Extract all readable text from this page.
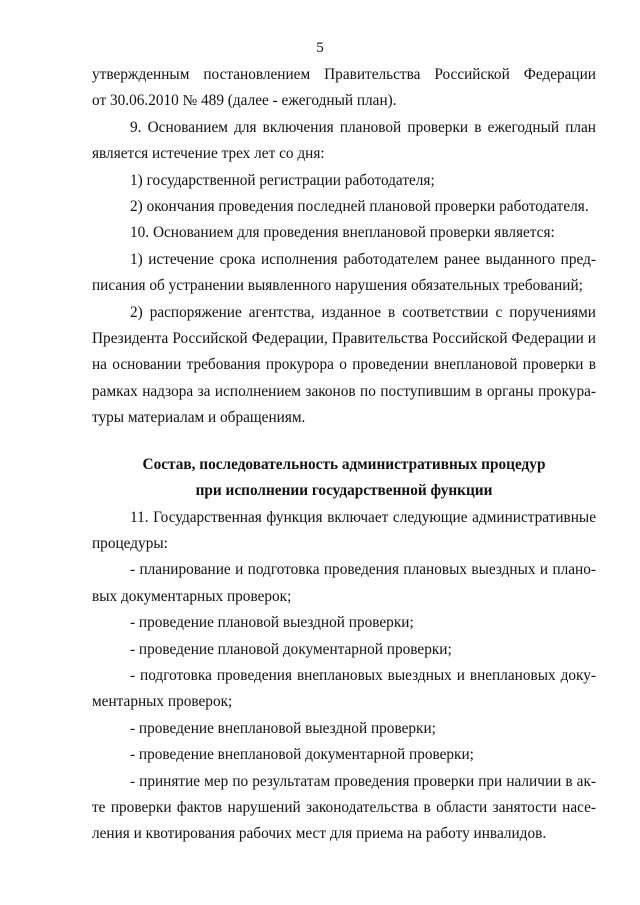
5

утвержденным постановлением Правительства Российской Федерации

от 30.06.2010 № 489 (далее - ежегодный план).

9. Основанием для включения плановой проверки в ежегодный план является истечение трех лет со дня:

1) государственной регистрации работодателя;

2) окончания проведения последней плановой проверки работодателя.

10. Основанием для проведения внеплановой проверки является:

1) истечение срока исполнения работодателем ранее выданного предписания об устранении выявленного нарушения обязательных требований;

2) распоряжение агентства, изданное в соответствии с поручениями Президента Российской Федерации, Правительства Российской Федерации и на основании требования прокурора о проведении внеплановой проверки в рамках надзора за исполнением законов по поступившим в органы прокуратуры материалам и обращениям.

Состав, последовательность административных процедур

при исполнении государственной функции

11. Государственная функция включает следующие административные процедуры:

- планирование и подготовка проведения плановых выездных и плановых документарных проверок;

- проведение плановой выездной проверки;

- проведение плановой документарной проверки;

- подготовка проведения внеплановых выездных и внеплановых документарных проверок;

- проведение внеплановой выездной проверки;

- проведение внеплановой документарной проверки;

- принятие мер по результатам проведения проверки при наличии в акте проверки фактов нарушений законодательства в области занятости населения и квотирования рабочих мест для приема на работу инвалидов.
